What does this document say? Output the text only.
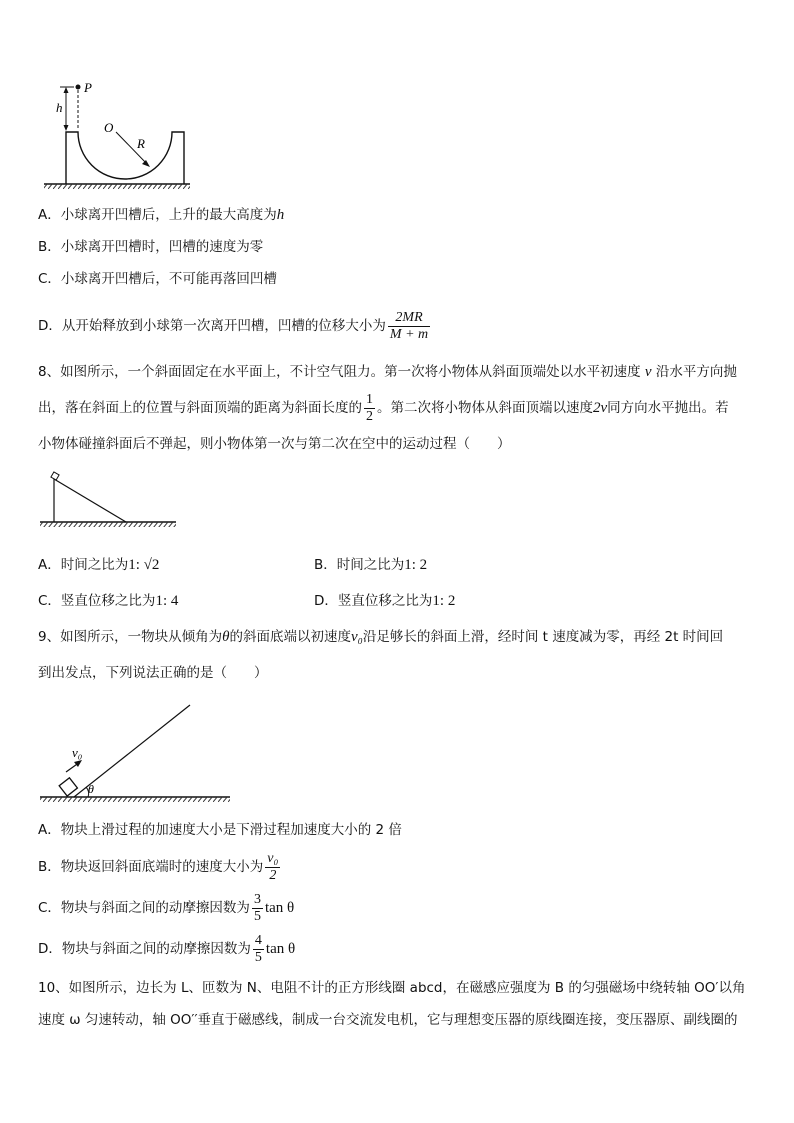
P
h
O
R
A．小球离开凹槽后，上升的最大高度为h
B．小球离开凹槽时，凹槽的速度为零
C．小球离开凹槽后，不可能再落回凹槽
D．从开始释放到小球第一次离开凹槽，凹槽的位移大小为 $\frac{2MR}{M + m}$
8、如图所示，一个斜面固定在水平面上，不计空气阻力。第一次将小物体从斜面顶端处以水平初速度 v 沿水平方向抛
出，落在斜面上的位置与斜面顶端的距离为斜面长度的 $\frac{1}{2}$ 。第二次将小物体从斜面顶端以速度2v同方向水平抛出。若
小物体碰撞斜面后不弹起，则小物体第一次与第二次在空中的运动过程（　　）
A．时间之比为1: √2	B．时间之比为1: 2
C．竖直位移之比为1: 4	D．竖直位移之比为1: 2
9、如图所示，一物块从倾角为θ的斜面底端以初速度v₀沿足够长的斜面上滑，经时间 t 速度减为零，再经 2t 时间回
到出发点，下列说法正确的是（　　）
v₀
θ
A．物块上滑过程的加速度大小是下滑过程加速度大小的 2 倍
B．物块返回斜面底端时的速度大小为 $\frac{\text{v₀}}{2}$
C．物块与斜面之间的动摩擦因数为 $\frac{3}{5}$ tan θ
D．物块与斜面之间的动摩擦因数为 $\frac{4}{5}$ tan θ
10、如图所示，边长为 L、匝数为 N、电阻不计的正方形线圈 abcd，在磁感应强度为 B 的匀强磁场中绕转轴 OO′以角
速度 ω 匀速转动，轴 OO′′垂直于磁感线，制成一台交流发电机，它与理想变压器的原线圈连接，变压器原、副线圈的
